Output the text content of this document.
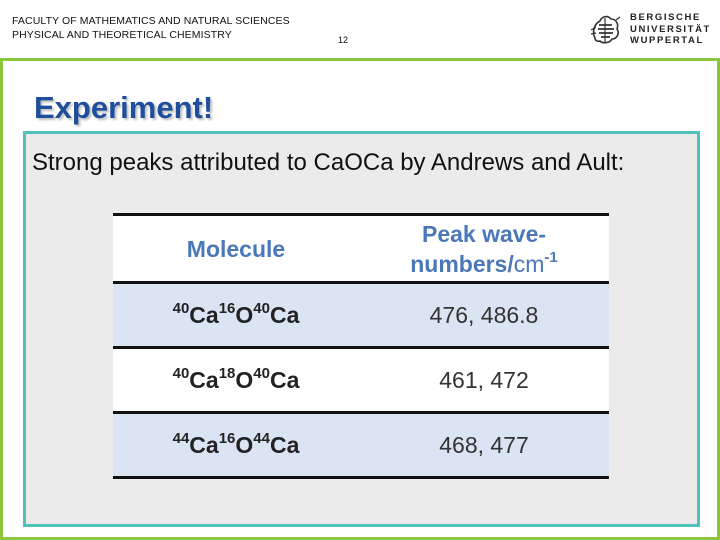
FACULTY OF MATHEMATICS AND NATURAL SCIENCES
PHYSICAL AND THEORETICAL CHEMISTRY	12
BERGISCHE
UNIVERSITÄT
WUPPERTAL
Experiment!
Strong peaks attributed to CaOCa by Andrews and Ault:
Molecule	Peak wave-
numbers/$cm^{-1}$
$^{40}Ca^{16}O^{40}Ca$	476, 486.8
$^{40}Ca^{18}O^{40}Ca$	461, 472
$^{44}Ca^{16}O^{44}Ca$	468, 477
